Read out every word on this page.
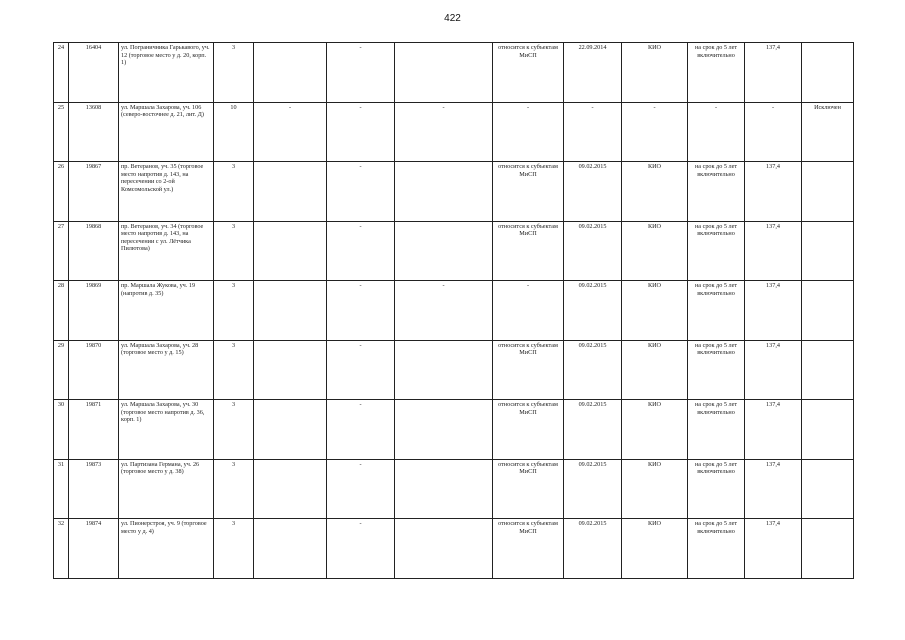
422
24	16404	ул. Пограничника Гарькавого, уч. 12 (торговое место у д. 20, корп. 1)	3		-		относится к субъектам МиСП	22.09.2014	КИО	на срок до 5 лет включительно	137,4	
25	13608	ул. Маршала Захарова, уч. 106 (северо-восточнее д. 21, лит. Д)	10	-	-	-	-	-	-	-	-	Исключен
26	19867	пр. Ветеранов, уч. 35 (торговое место напротив д. 143, на пересечении со 2-ой Комсомольской ул.)	3		-		относится к субъектам МиСП	09.02.2015	КИО	на срок до 5 лет включительно	137,4	
27	19868	пр. Ветеранов, уч. 34 (торговое место напротив д. 143, на пересечении с ул. Лётчика Пилютова)	3		-		относится к субъектам МиСП	09.02.2015	КИО	на срок до 5 лет включительно	137,4	
28	19869	пр. Маршала Жукова, уч. 19 (напротив д. 35)	3		-	-	-	09.02.2015	КИО	на срок до 5 лет включительно	137,4	
29	19870	ул. Маршала Захарова, уч. 28 (торговое место у д. 15)	3		-		относится к субъектам МиСП	09.02.2015	КИО	на срок до 5 лет включительно	137,4	
30	19871	ул. Маршала Захарова, уч. 30 (торговое место напротив д. 36, корп. 1)	3		-		относится к субъектам МиСП	09.02.2015	КИО	на срок до 5 лет включительно	137,4	
31	19873	ул. Партизана Германа, уч. 26 (торговое место у д. 38)	3		-		относится к субъектам МиСП	09.02.2015	КИО	на срок до 5 лет включительно	137,4	
32	19874	ул. Пионерстроя, уч. 9 (торговое место у д. 4)	3		-		относится к субъектам МиСП	09.02.2015	КИО	на срок до 5 лет включительно	137,4	
